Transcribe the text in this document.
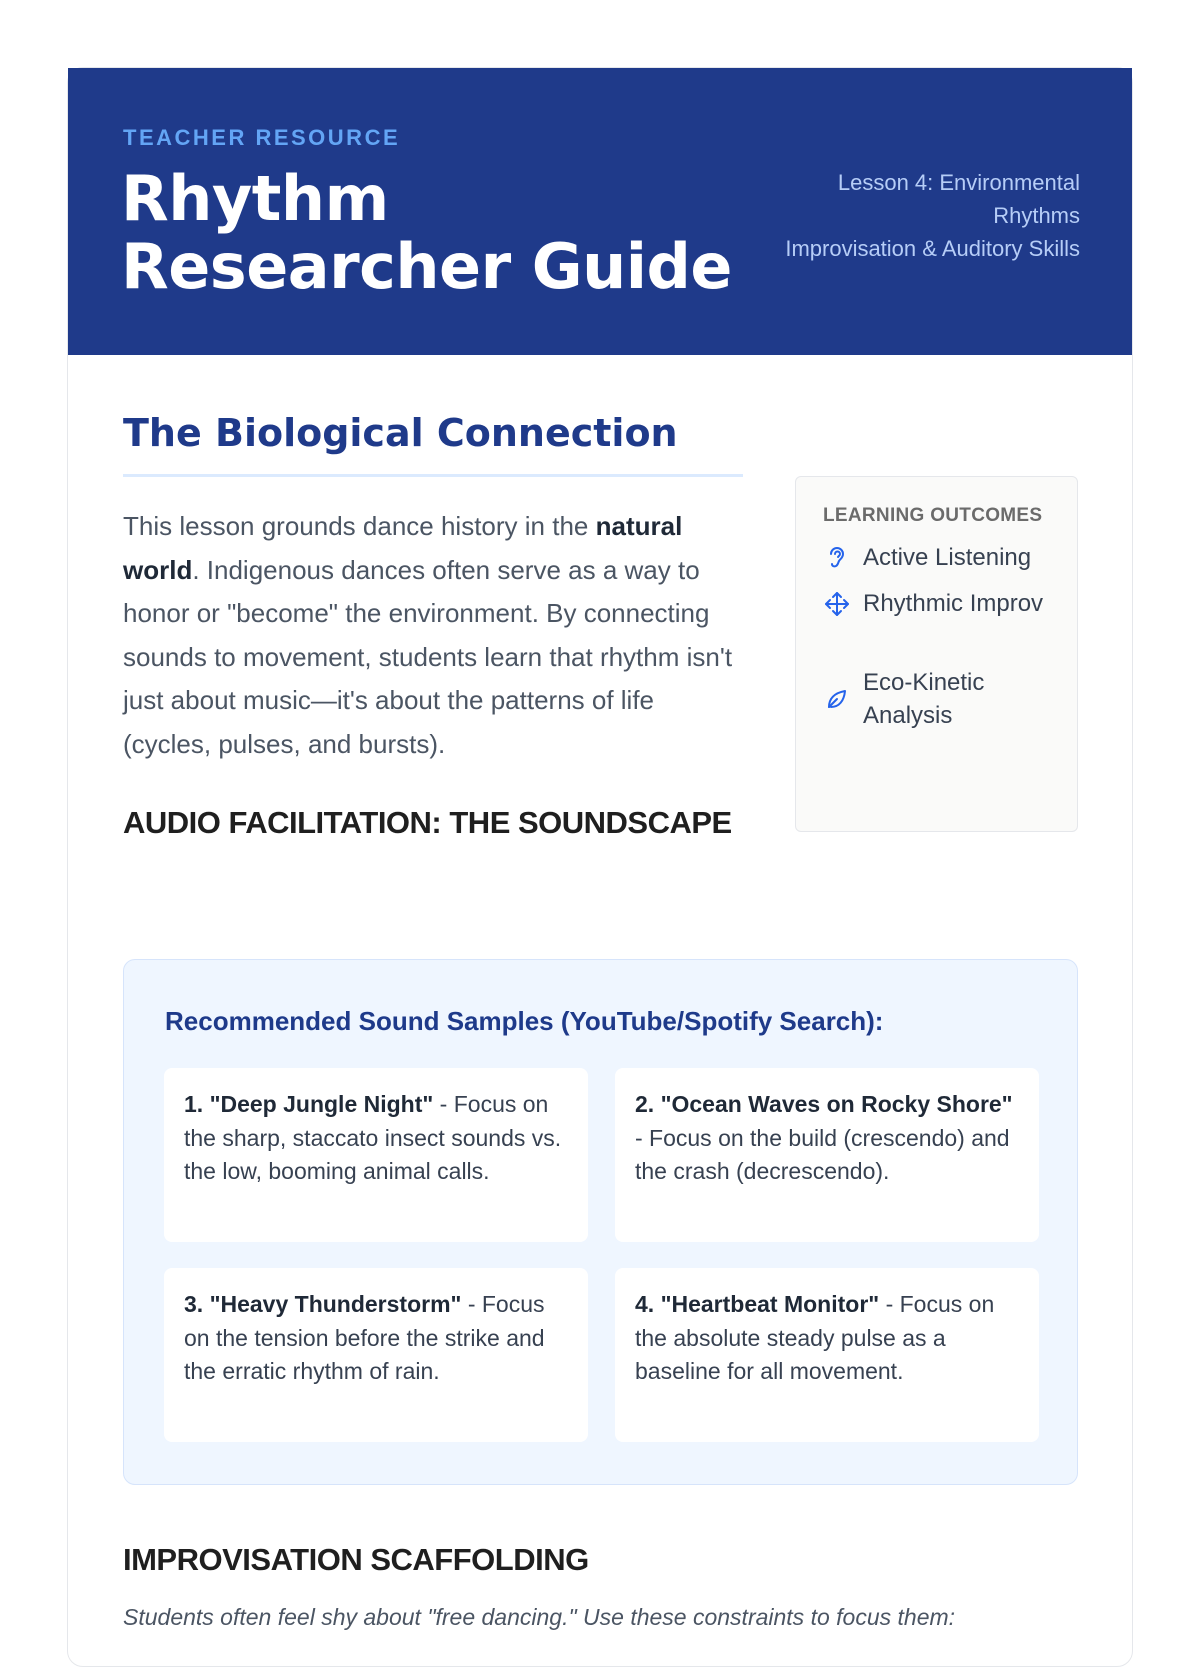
TEACHER RESOURCE
Rhythm Researcher Guide
Lesson 4: Environmental Rhythms
Improvisation & Auditory Skills
The Biological Connection

This lesson grounds dance history in the natural world. Indigenous dances often serve as a way to honor or "become" the environment. By connecting sounds to movement, students learn that rhythm isn't just about music—it's about the patterns of life (cycles, pulses, and bursts).

LEARNING OUTCOMES
Active Listening
Rhythmic Improv
Eco-Kinetic Analysis
AUDIO FACILITATION: THE SOUNDSCAPE
Recommended Sound Samples (YouTube/Spotify Search):
1. "Deep Jungle Night" - Focus on the sharp, staccato insect sounds vs. the low, booming animal calls.
2. "Ocean Waves on Rocky Shore" - Focus on the build (crescendo) and the crash (decrescendo).
3. "Heavy Thunderstorm" - Focus on the tension before the strike and the erratic rhythm of rain.
4. "Heartbeat Monitor" - Focus on the absolute steady pulse as a baseline for all movement.
IMPROVISATION SCAFFOLDING
Students often feel shy about "free dancing." Use these constraints to focus them:
